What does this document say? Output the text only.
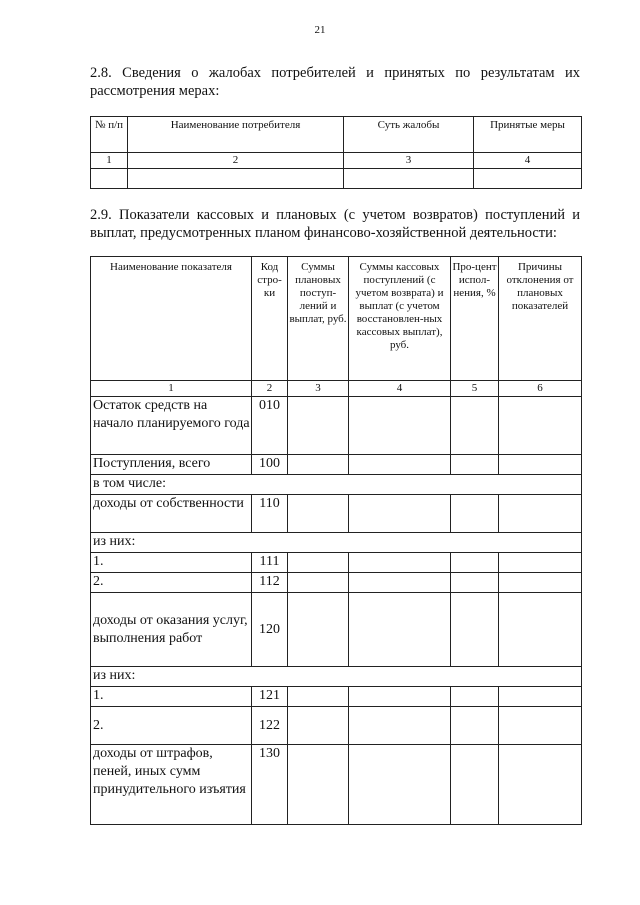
21
2.8. Сведения о жалобах потребителей и принятых по результатам их рассмотрения мерах:
№ п/п	Наименование потребителя	Суть жалобы	Принятые меры
1	2	3	4

2.9. Показатели кассовых и плановых (с учетом возвратов) поступлений и выплат, предусмотренных планом финансово-хозяйственной деятельности:
Наименование показателя	Код стро-ки	Суммы плановых поступ-лений и выплат, руб.	Суммы кассовых поступлений (с учетом возврата) и выплат (с учетом восстановлен-ных кассовых выплат), руб.	Про-цент испол-нения, %	Причины отклонения от плановых показателей
1	2	3	4	5	6
Остаток средств на начало планируемого года	010				
Поступления, всего	100				
в том числе:					
доходы от собственности	110				
из них:					
1.	111				
2.	112				
доходы от оказания услуг, выполнения работ	120				
из них:					
1.	121				
2.	122				
доходы от штрафов, пеней, иных сумм принудительного изъятия	130				
